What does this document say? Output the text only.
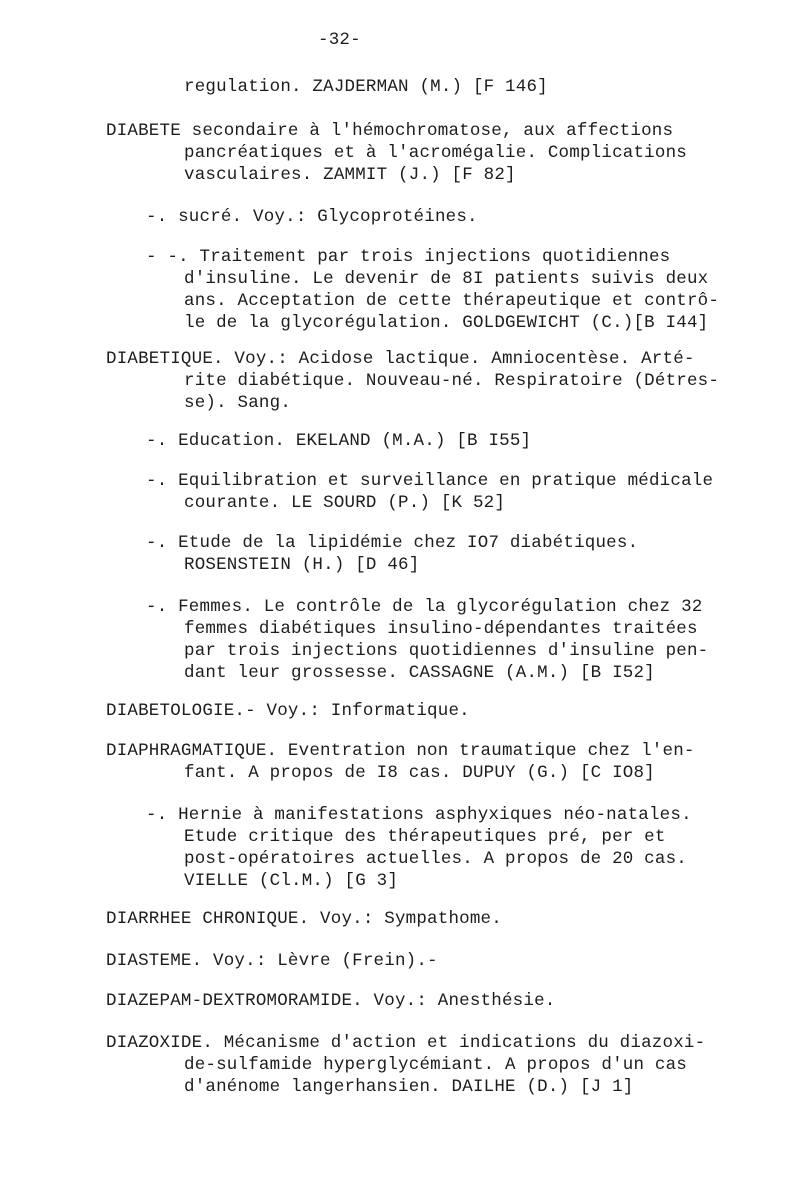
-32-
regulation. ZAJDERMAN (M.) [F 146]
DIABETE secondaire à l'hémochromatose, aux affections
pancréatiques et à l'acromégalie. Complications
vasculaires. ZAMMIT (J.) [F 82]
-. sucré. Voy.: Glycoprotéines.
- -. Traitement par trois injections quotidiennes
d'insuline. Le devenir de 8I patients suivis deux
ans. Acceptation de cette thérapeutique et contrô-
le de la glycorégulation. GOLDGEWICHT (C.)[B I44]
DIABETIQUE. Voy.: Acidose lactique. Amniocentèse. Arté-
rite diabétique. Nouveau-né. Respiratoire (Détres-
se). Sang.
-. Education. EKELAND (M.A.) [B I55]
-. Equilibration et surveillance en pratique médicale
courante. LE SOURD (P.) [K 52]
-. Etude de la lipidémie chez IO7 diabétiques.
ROSENSTEIN (H.) [D 46]
-. Femmes. Le contrôle de la glycorégulation chez 32
femmes diabétiques insulino-dépendantes traitées
par trois injections quotidiennes d'insuline pen-
dant leur grossesse. CASSAGNE (A.M.) [B I52]
DIABETOLOGIE.- Voy.: Informatique.
DIAPHRAGMATIQUE. Eventration non traumatique chez l'en-
fant. A propos de I8 cas. DUPUY (G.) [C IO8]
-. Hernie à manifestations asphyxiques néo-natales.
Etude critique des thérapeutiques pré, per et
post-opératoires actuelles. A propos de 20 cas.
VIELLE (Cl.M.) [G 3]
DIARRHEE CHRONIQUE. Voy.: Sympathome.
DIASTEME. Voy.: Lèvre (Frein).-
DIAZEPAM-DEXTROMORAMIDE. Voy.: Anesthésie.
DIAZOXIDE. Mécanisme d'action et indications du diazoxi-
de-sulfamide hyperglycémiant. A propos d'un cas
d'anénome langerhansien. DAILHE (D.) [J 1]
